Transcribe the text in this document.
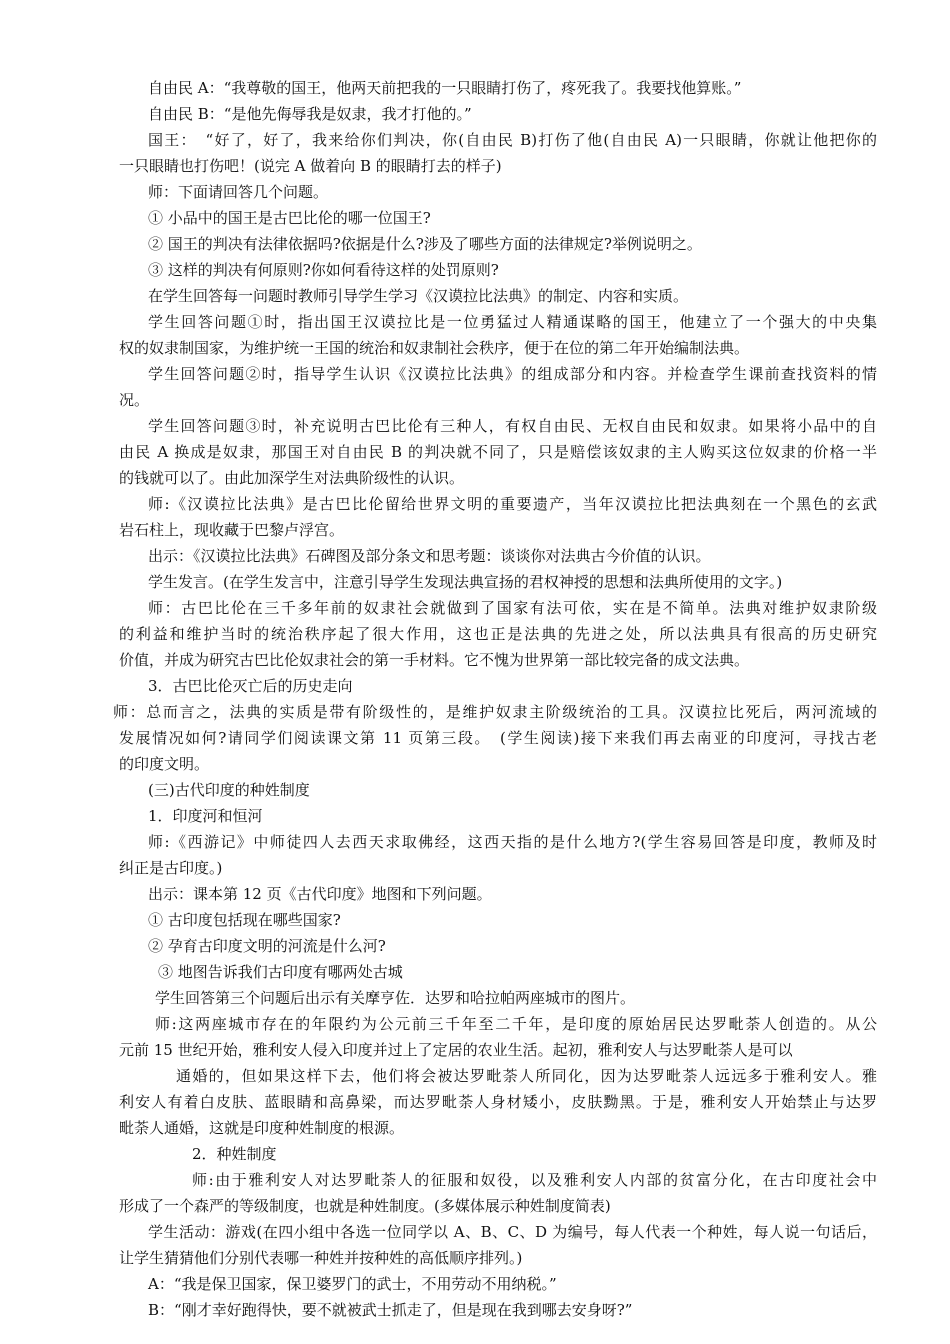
自由民 A：“我尊敬的国王，他两天前把我的一只眼睛打伤了，疼死我了。我要找他算账。”
自由民 B：“是他先侮辱我是奴隶，我才打他的。”
国王：　“好了，好了，我来给你们判决，你(自由民 B)打伤了他(自由民 A)一只眼睛，你就让他把你的
一只眼睛也打伤吧！(说完 A 做着向 B 的眼睛打去的样子)
师：下面请回答几个问题。
① 小品中的国王是古巴比伦的哪一位国王?
② 国王的判决有法律依据吗?依据是什么?涉及了哪些方面的法律规定?举例说明之。
③ 这样的判决有何原则?你如何看待这样的处罚原则?
在学生回答每一问题时教师引导学生学习《汉谟拉比法典》的制定、内容和实质。
学生回答问题①时，指出国王汉谟拉比是一位勇猛过人精通谋略的国王，他建立了一个强大的中央集
权的奴隶制国家，为维护统一王国的统治和奴隶制社会秩序，便于在位的第二年开始编制法典。
学生回答问题②时，指导学生认识《汉谟拉比法典》的组成部分和内容。并检查学生课前查找资料的情
况。
学生回答问题③时，补充说明古巴比伦有三种人，有权自由民、无权自由民和奴隶。如果将小品中的自
由民 A 换成是奴隶，那国王对自由民 B 的判决就不同了，只是赔偿该奴隶的主人购买这位奴隶的价格一半
的钱就可以了。由此加深学生对法典阶级性的认识。
师:《汉谟拉比法典》是古巴比伦留给世界文明的重要遗产，当年汉谟拉比把法典刻在一个黑色的玄武
岩石柱上，现收藏于巴黎卢浮宫。
出示：《汉谟拉比法典》石碑图及部分条文和思考题：谈谈你对法典古今价值的认识。
学生发言。(在学生发言中，注意引导学生发现法典宣扬的君权神授的思想和法典所使用的文字。)
师：古巴比伦在三千多年前的奴隶社会就做到了国家有法可依，实在是不简单。法典对维护奴隶阶级
的利益和维护当时的统治秩序起了很大作用，这也正是法典的先进之处，所以法典具有很高的历史研究
价值，并成为研究古巴比伦奴隶社会的第一手材料。它不愧为世界第一部比较完备的成文法典。
3．古巴比伦灭亡后的历史走向
师：总而言之，法典的实质是带有阶级性的，是维护奴隶主阶级统治的工具。汉谟拉比死后，两河流域的
发展情况如何?请同学们阅读课文第 11 页第三段。　(学生阅读)接下来我们再去南亚的印度河，寻找古老
的印度文明。
(三)古代印度的种姓制度
1．印度河和恒河
师:《西游记》中师徒四人去西天求取佛经，这西天指的是什么地方?(学生容易回答是印度，教师及时
纠正是古印度。)
出示：课本第 12 页《古代印度》地图和下列问题。
① 古印度包括现在哪些国家?
② 孕育古印度文明的河流是什么河?
③ 地图告诉我们古印度有哪两处古城
学生回答第三个问题后出示有关摩亨佐．达罗和哈拉帕两座城市的图片。
师:这两座城市存在的年限约为公元前三千年至二千年，是印度的原始居民达罗毗荼人创造的。从公
元前 15 世纪开始，雅利安人侵入印度并过上了定居的农业生活。起初，雅利安人与达罗毗荼人是可以
通婚的，但如果这样下去，他们将会被达罗毗荼人所同化，因为达罗毗荼人远远多于雅利安人。雅
利安人有着白皮肤、蓝眼睛和高鼻梁，而达罗毗荼人身材矮小，皮肤黝黑。于是，雅利安人开始禁止与达罗
毗荼人通婚，这就是印度种姓制度的根源。
2．种姓制度
师:由于雅利安人对达罗毗荼人的征服和奴役，以及雅利安人内部的贫富分化，在古印度社会中
形成了一个森严的等级制度，也就是种姓制度。(多媒体展示种姓制度简表)
学生活动：游戏(在四小组中各选一位同学以 A、B、C、D 为编号，每人代表一个种姓，每人说一句话后，
让学生猜猜他们分别代表哪一种姓并按种姓的高低顺序排列。)
A：“我是保卫国家，保卫婆罗门的武士，不用劳动不用纳税。”
B：“刚才幸好跑得快，要不就被武士抓走了，但是现在我到哪去安身呀?”
